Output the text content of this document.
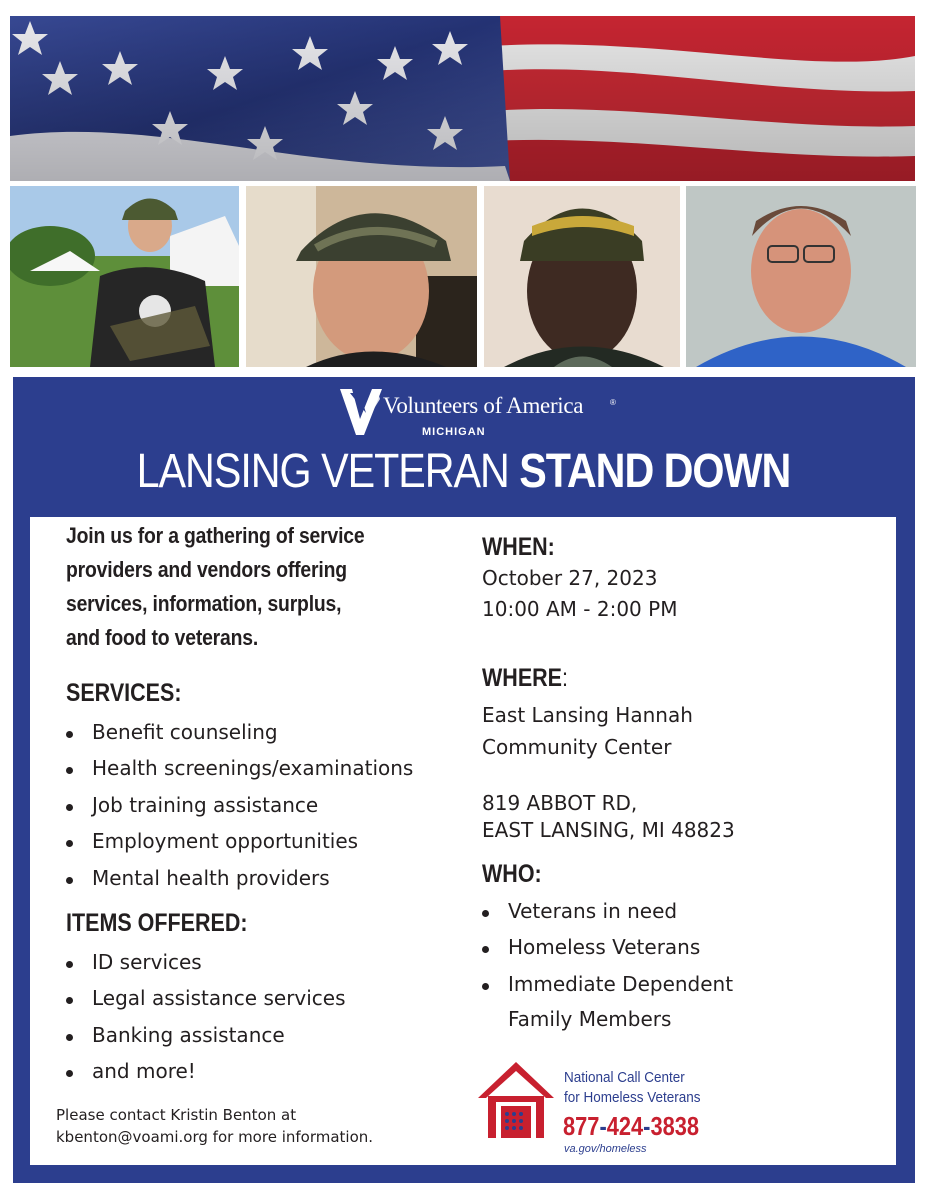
Volunteers of America	®
MICHIGAN
LANSING VETERAN STAND DOWN
Join us for a gathering of service
providers and vendors offering
services, information, surplus,
and food to veterans.
SERVICES:
Benefit counseling
Health screenings/examinations
Job training assistance
Employment opportunities
Mental health providers
ITEMS OFFERED:
ID services
Legal assistance services
Banking assistance
and more!
Please contact Kristin Benton at
kbenton@voami.org for more information.
WHEN:
October 27, 2023
10:00 AM - 2:00 PM
WHERE:
East Lansing Hannah
Community Center
819 ABBOT RD,
EAST LANSING, MI 48823
WHO:
Veterans in need
Homeless Veterans
Immediate Dependent
Family Members
National Call Center
for Homeless Veterans
877-424-3838
va.gov/homeless
